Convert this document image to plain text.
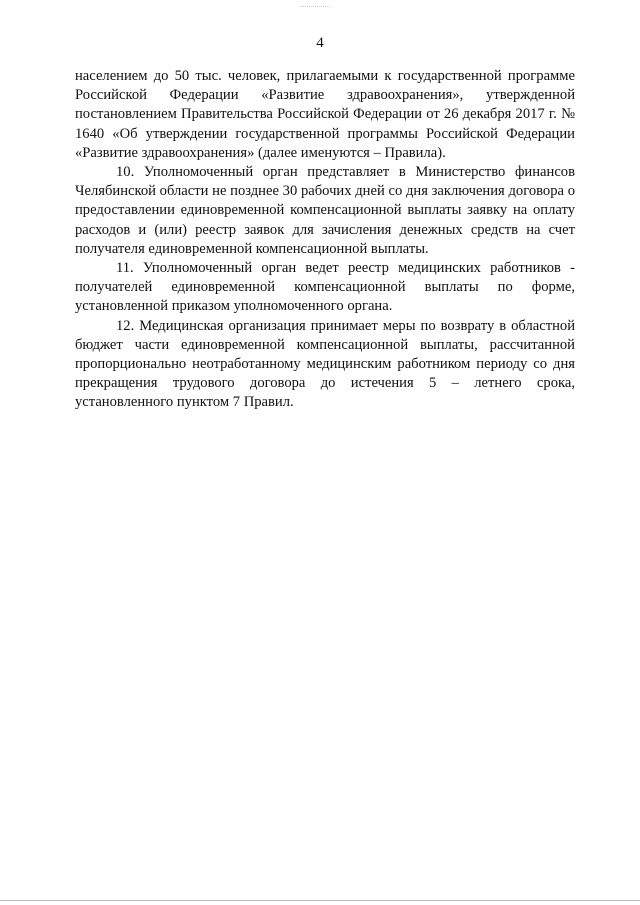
4

населением до 50 тыс. человек, прилагаемыми к государственной программе Российской Федерации «Развитие здравоохранения», утвержденной постановлением Правительства Российской Федерации от 26 декабря 2017 г. № 1640 «Об утверждении государственной программы Российской Федерации «Развитие здравоохранения» (далее именуются – Правила).

10. Уполномоченный орган представляет в Министерство финансов Челябинской области не позднее 30 рабочих дней со дня заключения договора о предоставлении единовременной компенсационной выплаты заявку на оплату расходов и (или) реестр заявок для зачисления денежных средств на счет получателя единовременной компенсационной выплаты.

11. Уполномоченный орган ведет реестр медицинских работников - получателей единовременной компенсационной выплаты по форме, установленной приказом уполномоченного органа.

12. Медицинская организация принимает меры по возврату в областной бюджет части единовременной компенсационной выплаты, рассчитанной пропорционально неотработанному медицинским работником периоду со дня прекращения трудового договора до истечения 5 – летнего срока, установленного пунктом 7 Правил.
